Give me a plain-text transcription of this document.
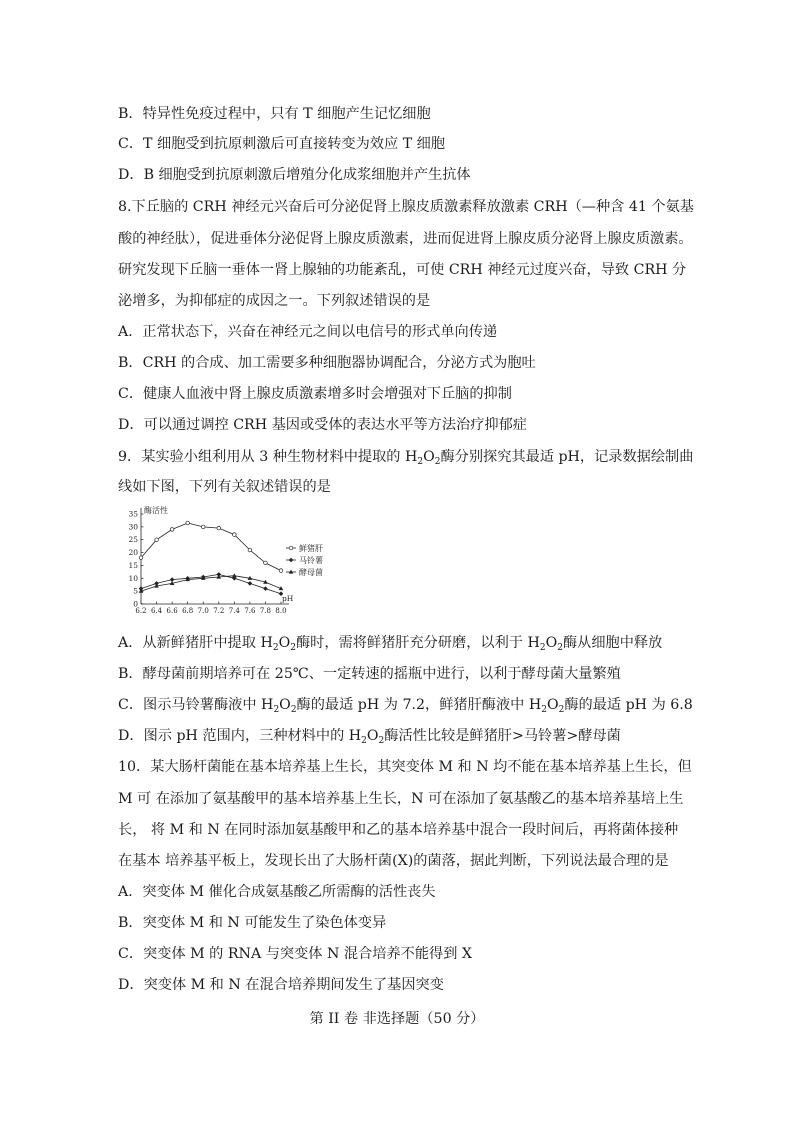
B．特异性免疫过程中，只有 T 细胞产生记忆细胞
C．T 细胞受到抗原刺激后可直接转变为效应 T 细胞
D．B 细胞受到抗原刺激后增殖分化成浆细胞并产生抗体
8.下丘脑的 CRH 神经元兴奋后可分泌促肾上腺皮质激素释放激素 CRH（—种含 41 个氨基
酸的神经肽），促进垂体分泌促肾上腺皮质激素，进而促进肾上腺皮质分泌肾上腺皮质激素。
研究发现下丘脑一垂体一肾上腺轴的功能紊乱，可使 CRH 神经元过度兴奋，导致 CRH 分
泌增多，为抑郁症的成因之一。下列叙述错误的是
A．正常状态下，兴奋在神经元之间以电信号的形式单向传递
B．CRH 的合成、加工需要多种细胞器协调配合，分泌方式为胞吐
C．健康人血液中肾上腺皮质激素增多时会增强对下丘脑的抑制
D．可以通过调控 CRH 基因或受体的表达水平等方法治疗抑郁症
9．某实验小组利用从 3 种生物材料中提取的 $H_2O_2$酶分别探究其最适 pH，记录数据绘制曲
线如下图，下列有关叙述错误的是
0
5
10
15
20
25
30
35
6.2 6.4 6.6 6.8 7.0 7.2 7.4 7.6 7.8 8.0
酶活性
pH
鲜猪肝
马铃薯
酵母菌
A．从新鲜猪肝中提取 $H_2O_2$酶时，需将鲜猪肝充分研磨，以利于 $H_2O_2$酶从细胞中释放
B．酵母菌前期培养可在 25℃、一定转速的摇瓶中进行，以利于酵母菌大量繁殖
C．图示马铃薯酶液中 $H_2O_2$酶的最适 pH 为 7.2，鲜猪肝酶液中 $H_2O_2$酶的最适 pH 为 6.8
D．图示 pH 范围内，三种材料中的 $H_2O_2$酶活性比较是鲜猪肝>马铃薯>酵母菌
10．某大肠杆菌能在基本培养基上生长，其突变体 M 和 N 均不能在基本培养基上生长，但
M 可 在添加了氨基酸甲的基本培养基上生长，N 可在添加了氨基酸乙的基本培养基培上生
长， 将 M 和 N 在同时添加氨基酸甲和乙的基本培养基中混合一段时间后，再将菌体接种
在基本 培养基平板上，发现长出了大肠杆菌(X)的菌落，据此判断，下列说法最合理的是
A．突变体 M 催化合成氨基酸乙所需酶的活性丧失
B．突变体 M 和 N 可能发生了染色体变异
C．突变体 M 的 RNA 与突变体 N 混合培养不能得到 X
D．突变体 M 和 N 在混合培养期间发生了基因突变
第 II 卷 非选择题（50 分）
